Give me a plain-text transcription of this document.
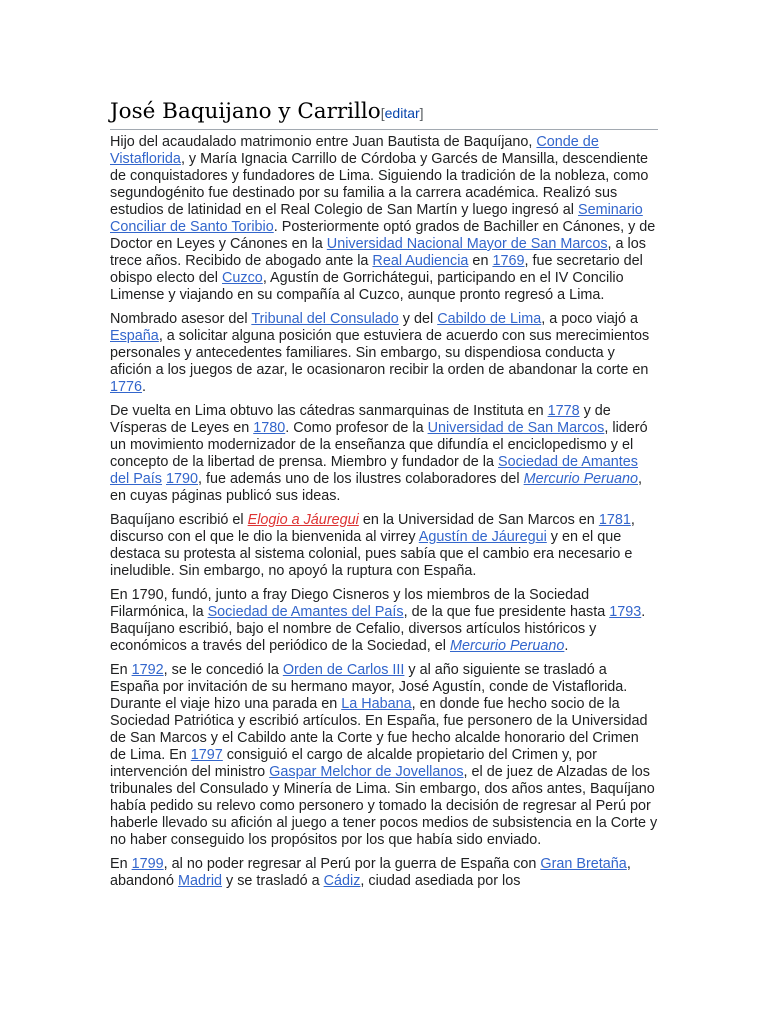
José Baquijano y Carrillo[editar]

Hijo del acaudalado matrimonio entre Juan Bautista de Baquíjano, Conde de Vistaflorida, y María Ignacia Carrillo de Córdoba y Garcés de Mansilla, descendiente de conquistadores y fundadores de Lima. Siguiendo la tradición de la nobleza, como segundogénito fue destinado por su familia a la carrera académica. Realizó sus estudios de latinidad en el Real Colegio de San Martín y luego ingresó al Seminario Conciliar de Santo Toribio. Posteriormente optó grados de Bachiller en Cánones, y de Doctor en Leyes y Cánones en la Universidad Nacional Mayor de San Marcos, a los trece años. Recibido de abogado ante la Real Audiencia en 1769, fue secretario del obispo electo del Cuzco, Agustín de Gorrichátegui, participando en el IV Concilio Limense y viajando en su compañía al Cuzco, aunque pronto regresó a Lima.

Nombrado asesor del Tribunal del Consulado y del Cabildo de Lima, a poco viajó a España, a solicitar alguna posición que estuviera de acuerdo con sus merecimientos personales y antecedentes familiares. Sin embargo, su dispendiosa conducta y afición a los juegos de azar, le ocasionaron recibir la orden de abandonar la corte en 1776.

De vuelta en Lima obtuvo las cátedras sanmarquinas de Instituta en 1778 y de Vísperas de Leyes en 1780. Como profesor de la Universidad de San Marcos, lideró un movimiento modernizador de la enseñanza que difundía el enciclopedismo y el concepto de la libertad de prensa. Miembro y fundador de la Sociedad de Amantes del País 1790, fue además uno de los ilustres colaboradores del Mercurio Peruano, en cuyas páginas publicó sus ideas.

Baquíjano escribió el Elogio a Jáuregui en la Universidad de San Marcos en 1781, discurso con el que le dio la bienvenida al virrey Agustín de Jáuregui y en el que destaca su protesta al sistema colonial, pues sabía que el cambio era necesario e ineludible. Sin embargo, no apoyó la ruptura con España.

En 1790, fundó, junto a fray Diego Cisneros y los miembros de la Sociedad Filarmónica, la Sociedad de Amantes del País, de la que fue presidente hasta 1793. Baquíjano escribió, bajo el nombre de Cefalio, diversos artículos históricos y económicos a través del periódico de la Sociedad, el Mercurio Peruano.

En 1792, se le concedió la Orden de Carlos III y al año siguiente se trasladó a España por invitación de su hermano mayor, José Agustín, conde de Vistaflorida. Durante el viaje hizo una parada en La Habana, en donde fue hecho socio de la Sociedad Patriótica y escribió artículos. En España, fue personero de la Universidad de San Marcos y el Cabildo ante la Corte y fue hecho alcalde honorario del Crimen de Lima. En 1797 consiguió el cargo de alcalde propietario del Crimen y, por intervención del ministro Gaspar Melchor de Jovellanos, el de juez de Alzadas de los tribunales del Consulado y Minería de Lima. Sin embargo, dos años antes, Baquíjano había pedido su relevo como personero y tomado la decisión de regresar al Perú por haberle llevado su afición al juego a tener pocos medios de subsistencia en la Corte y no haber conseguido los propósitos por los que había sido enviado.

En 1799, al no poder regresar al Perú por la guerra de España con Gran Bretaña, abandonó Madrid y se trasladó a Cádiz, ciudad asediada por los
